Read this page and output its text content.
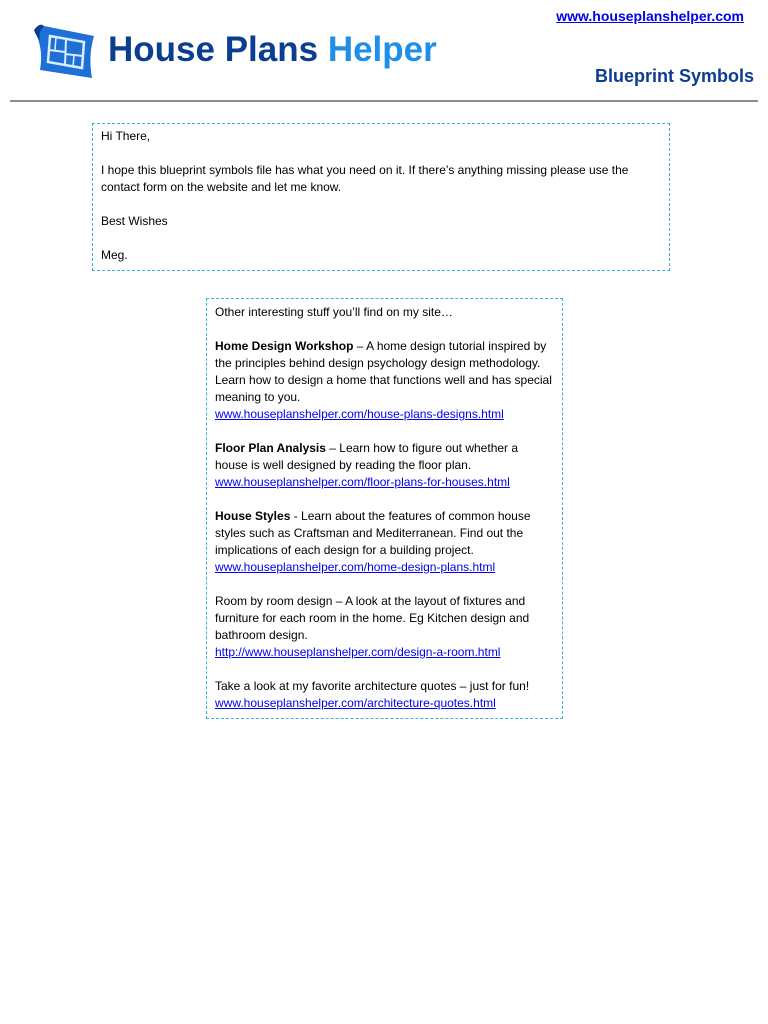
www.houseplanshelper.com
House Plans Helper
Blueprint Symbols

Hi There,

I hope this blueprint symbols file has what you need on it. If there’s anything missing please use the contact form on the website and let me know.

Best Wishes

Meg.

Other interesting stuff you’ll find on my site…

Home Design Workshop – A home design tutorial inspired by the principles behind design psychology design methodology. Learn how to design a home that functions well and has special meaning to you.
www.houseplanshelper.com/house-plans-designs.html

Floor Plan Analysis – Learn how to figure out whether a house is well designed by reading the floor plan.
www.houseplanshelper.com/floor-plans-for-houses.html

House Styles - Learn about the features of common house styles such as Craftsman and Mediterranean. Find out the implications of each design for a building project.
www.houseplanshelper.com/home-design-plans.html

Room by room design – A look at the layout of fixtures and furniture for each room in the home. Eg Kitchen design and bathroom design.
http://www.houseplanshelper.com/design-a-room.html

Take a look at my favorite architecture quotes – just for fun!
www.houseplanshelper.com/architecture-quotes.html
